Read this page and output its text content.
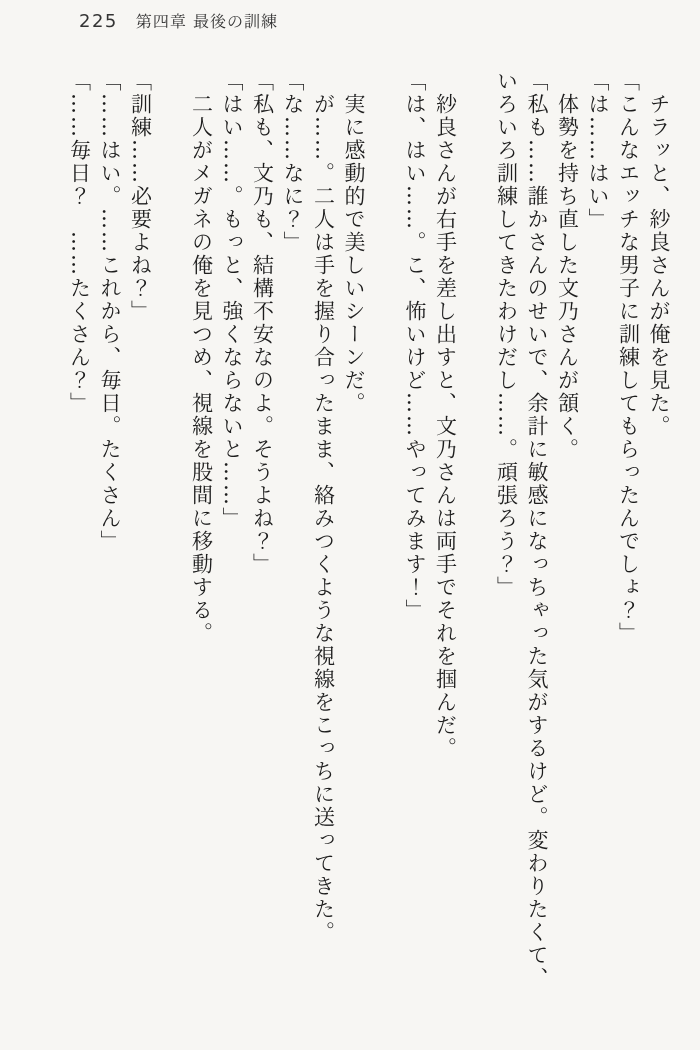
225 第四章 最後の訓練

　チラッと、紗良さんが俺を見た。

「こんなエッチな男子に訓練してもらったんでしょ？」

「は……はい」

　体勢を持ち直した文乃さんが頷く。

「私も……誰かさんのせいで、余計に敏感になっちゃった気がするけど。変わりたくて、

いろいろ訓練してきたわけだし……。頑張ろう？」

　紗良さんが右手を差し出すと、文乃さんは両手でそれを掴んだ。

「は、はい……。こ、怖いけど……やってみます！」

　実に感動的で美しいシーンだ。

　が……。二人は手を握り合ったまま、絡みつくような視線をこっちに送ってきた。

「な……なに？」

「私も、文乃も、結構不安なのよ。そうよね？」

「はい……。もっと、強くならないと……」

　二人がメガネの俺を見つめ、視線を股間に移動する。

「訓練……必要よね？」

「……はい。……これから、毎日。たくさん」

「……毎日？　……たくさん？」
